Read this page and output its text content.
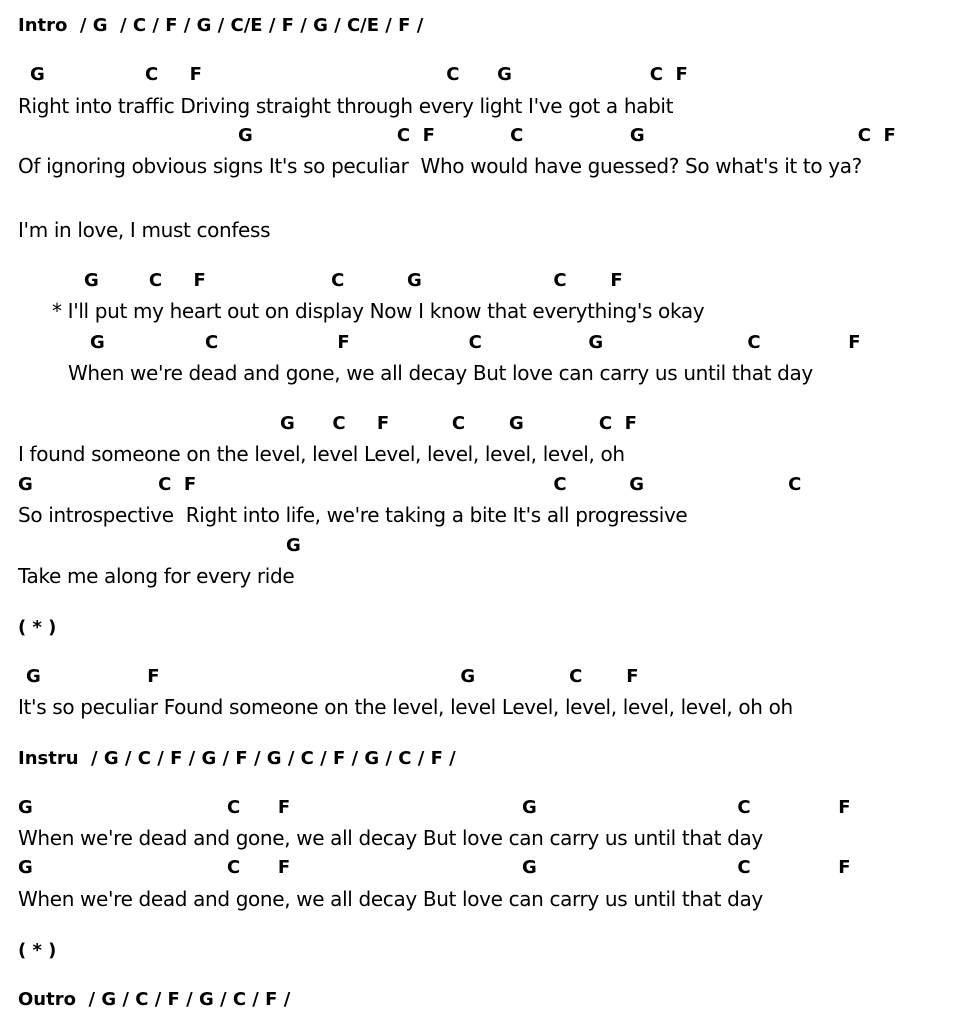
Intro  / G  / C / F / G / C/E / F / G / C/E / F /
G                C     F                                       C      G                      C  F
Right into traffic Driving straight through every light I've got a habit
G                       C  F            C                 G                                  C  F
Of ignoring obvious signs It's so peculiar  Who would have guessed? So what's it to ya?
I'm in love, I must confess
G        C     F                    C          G                     C       F
* I'll put my heart out on display Now I know that everything's okay
G                C                   F                   C                 G                       C              F
When we're dead and gone, we all decay But love can carry us until that day
G      C     F          C       G            C  F
I found someone on the level, level Level, level, level, level, oh
G                    C  F                                                         C          G                       C
So introspective  Right into life, we're taking a bite It's all progressive
G
Take me along for every ride
( * )
G                 F                                                G               C       F
It's so peculiar Found someone on the level, level Level, level, level, level, oh oh
Instru  / G / C / F / G / F / G / C / F / G / C / F /
G                               C      F                                     G                                C              F
When we're dead and gone, we all decay But love can carry us until that day
G                               C      F                                     G                                C              F
When we're dead and gone, we all decay But love can carry us until that day
( * )
Outro  / G / C / F / G / C / F /
